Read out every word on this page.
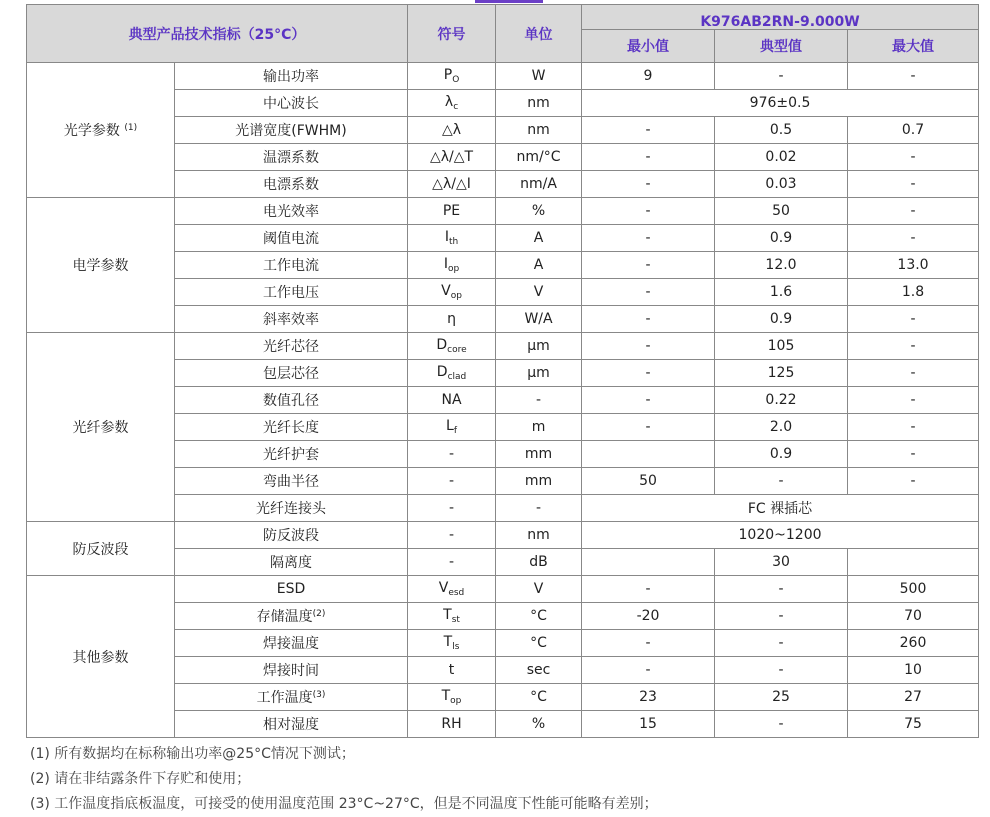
典型产品技术指标（25°C）		符号	单位	K976AB2RN-9.000W		

				最小值	典型值	最大值
光学参数 $^{(1)}$	输出功率	$P_O$	W	9	-	-
	中心波长	$\lambda_c$	nm	976±0.5		
	光谱宽度(FWHM)	△λ	nm	-	0.5	0.7
	温漂系数	△λ/△T	nm/°C	-	0.02	-
	电漂系数	△λ/△I	nm/A	-	0.03	-
电学参数	电光效率	PE	%	-	50	-
	阈值电流	$I_{th}$	A	-	0.9	-
	工作电流	$I_{op}$	A	-	12.0	13.0
	工作电压	$V_{op}$	V	-	1.6	1.8
	斜率效率	η	W/A	-	0.9	-
光纤参数	光纤芯径	$D_{core}$	μm	-	105	-
	包层芯径	$D_{clad}$	μm	-	125	-
	数值孔径	NA	-	-	0.22	-
	光纤长度	$L_f$	m	-	2.0	-
	光纤护套	-	mm		0.9	-
	弯曲半径	-	mm	50	-	-
	光纤连接头	-	-	FC 裸插芯		
防反波段	防反波段	-	nm	1020~1200		
	隔离度	-	dB		30	
其他参数	ESD	$V_{esd}$	V	-	-	500
	存储温度$^{(2)}$	$T_{st}$	°C	-20	-	70
	焊接温度	$T_{ls}$	°C	-	-	260
	焊接时间	t	sec	-	-	10
	工作温度$^{(3)}$	$T_{op}$	°C	23	25	27
	相对湿度	RH	%	15	-	75
(1) 所有数据均在标称输出功率@25°C情况下测试；
(2) 请在非结露条件下存贮和使用；
(3) 工作温度指底板温度，可接受的使用温度范围 23°C~27°C，但是不同温度下性能可能略有差别；
